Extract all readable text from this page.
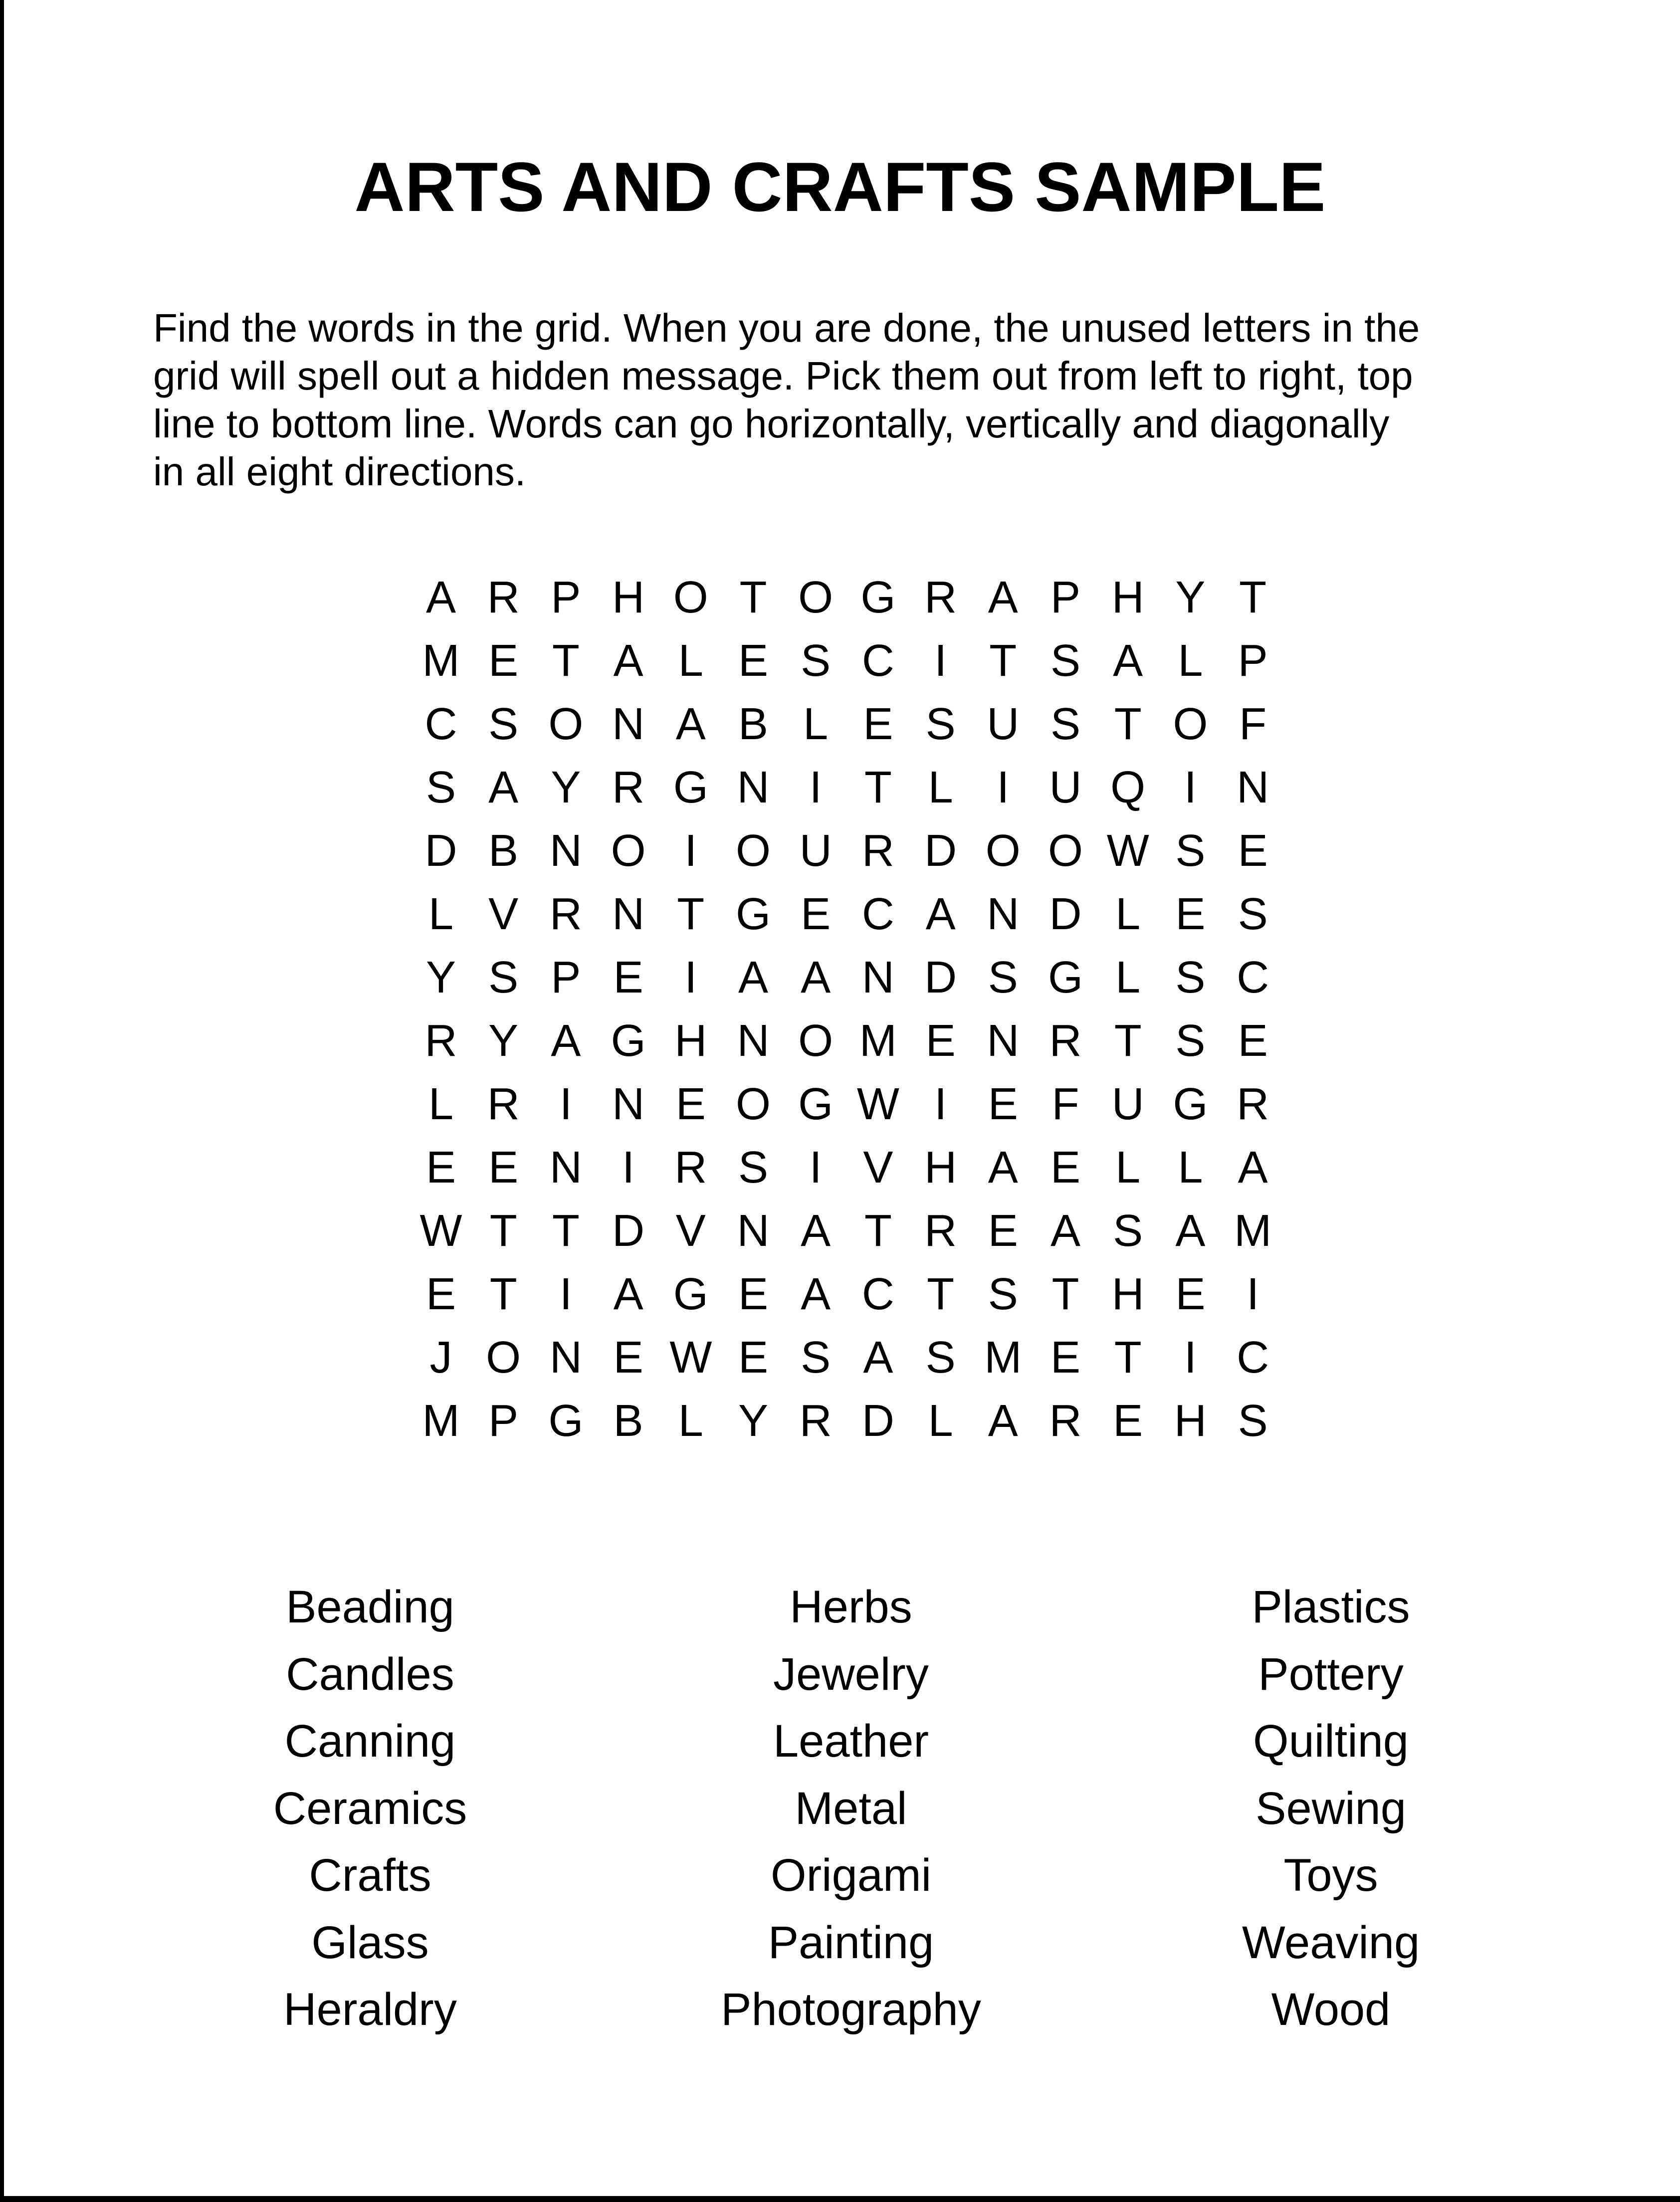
ARTS AND CRAFTS SAMPLE
Find the words in the grid. When you are done, the unused letters in the
grid will spell out a hidden message. Pick them out from left to right, top
line to bottom line. Words can go horizontally, vertically and diagonally
in all eight directions.
A R P H O T O G R A P H Y T
M E T A L E S C I T S A L P
C S O N A B L E S U S T O F
S A Y R G N I T L I U Q I N
D B N O I O U R D O O W S E
L V R N T G E C A N D L E S
Y S P E I A A N D S G L S C
R Y A G H N O M E N R T S E
L R I N E O G W I E F U G R
E E N I R S I V H A E L L A
W T T D V N A T R E A S A M
E T I A G E A C T S T H E I
J O N E W E S A S M E T I C
M P G B L Y R D L A R E H S
Beading
Candles
Canning
Ceramics
Crafts
Glass
Heraldry
Herbs
Jewelry
Leather
Metal
Origami
Painting
Photography
Plastics
Pottery
Quilting
Sewing
Toys
Weaving
Wood
